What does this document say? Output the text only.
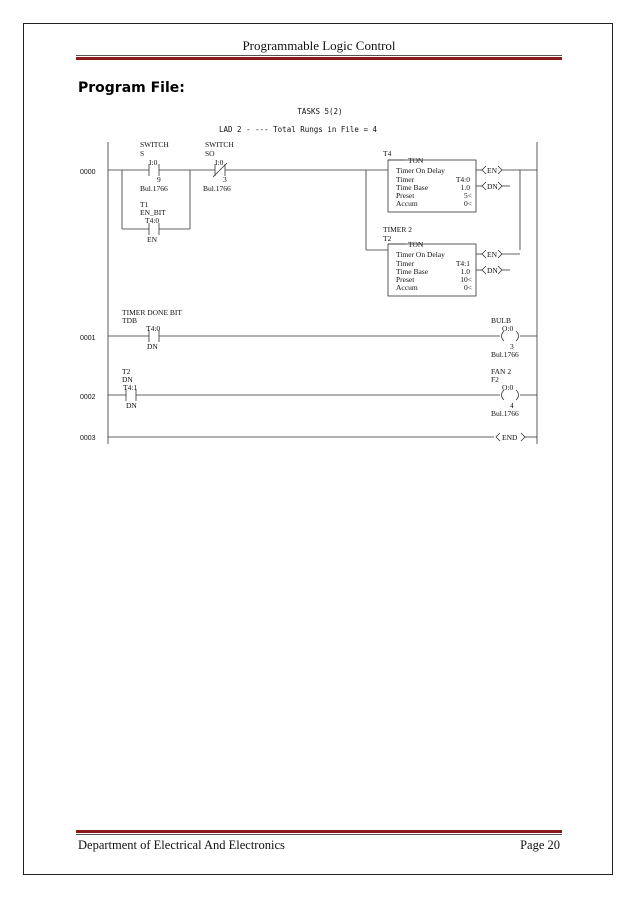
Programmable Logic Control
Program File:
TASKS 5(2)
LAD 2 - --- Total Rungs in File = 4
0000
0001
0002
0003
SWITCH
S
I:0
9
Bul.1766
SWITCH
SO
I:0
3
Bul.1766
T1
EN_BIT
T4:0
EN
T4
TON
Timer On Delay
Timer	T4:0
Time Base	1.0
Preset	5<
Accum	0<
EN
DN
TIMER 2
T2
TON
Timer On Delay
Timer	T4:1
Time Base	1.0
Preset	10<
Accum	0<
EN
DN
TIMER DONE BIT
TDB
T4:0
DN
BULB
O:0
3
Bul.1766
T2
DN
T4:1
DN
FAN 2
F2
O:0
4
Bul.1766
END
Department of Electrical And Electronics	Page 20
